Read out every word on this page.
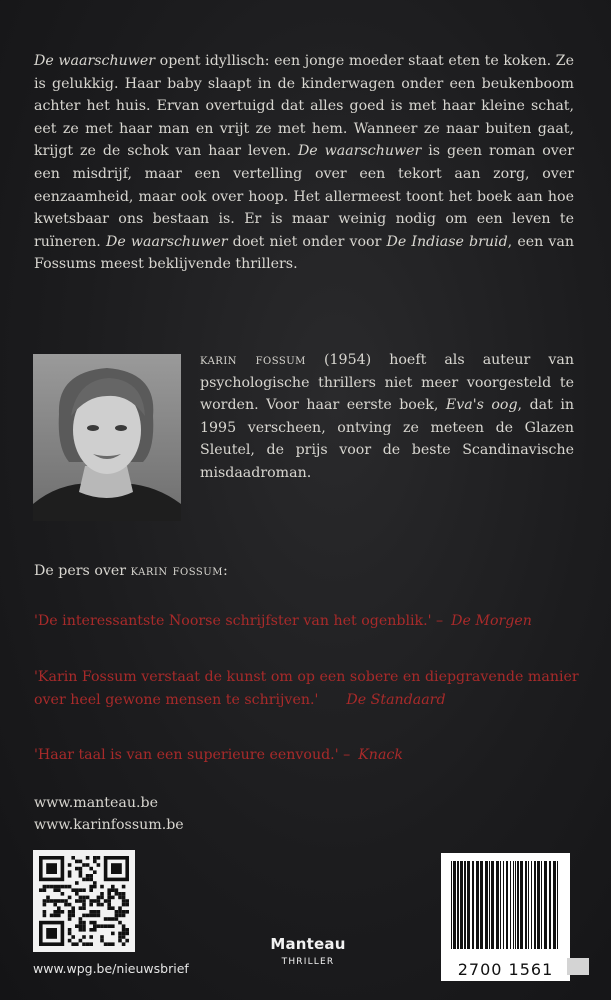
De waarschuwer opent idyllisch: een jonge moeder staat eten te koken. Ze is gelukkig. Haar baby slaapt in de kinderwagen onder een beukenboom achter het huis. Ervan overtuigd dat alles goed is met haar kleine schat, eet ze met haar man en vrijt ze met hem. Wanneer ze naar buiten gaat, krijgt ze de schok van haar leven. De waarschuwer is geen roman over een misdrijf, maar een vertelling over een tekort aan zorg, over eenzaamheid, maar ook over hoop. Het allermeest toont het boek aan hoe kwetsbaar ons bestaan is. Er is maar weinig nodig om een leven te ruïneren. De waarschuwer doet niet onder voor De Indiase bruid, een van Fossums meest beklijvende thrillers.

karin fossum (1954) hoeft als auteur van psychologische thrillers niet meer voorgesteld te worden. Voor haar eerste boek, Eva's oog, dat in 1995 verscheen, ontving ze meteen de Glazen Sleutel, de prijs voor de beste Scandinavische misdaadroman.
De pers over karin fossum:

'De interessantste Noorse schrijfster van het ogenblik.' – De Morgen

'Karin Fossum verstaat de kunst om op een sobere en diepgravende manier over heel gewone mensen te schrijven.' De Standaard

'Haar taal is van een superieure eenvoud.' – Knack

www.manteau.be
www.karinfossum.be
www.wpg.be/nieuwsbrief
Manteau
THRILLER	2700 1561
